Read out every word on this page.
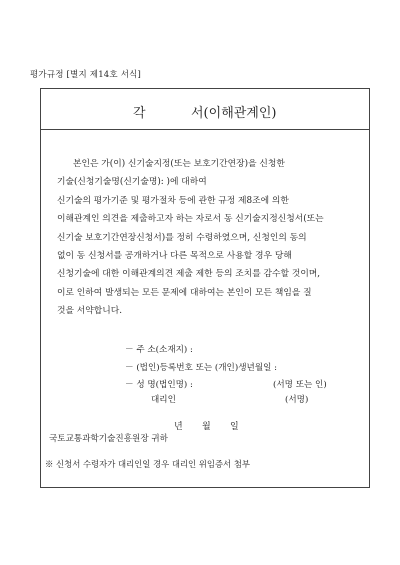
평가규정 [별지 제14호 서식]
각	서(이해관계인)
본인은 가(이) 신기술지정(또는 보호기간연장)을 신청한
기술(신청기술명(신기술명): )에 대하여
신기술의 평가기준 및 평가절차 등에 관한 규정 제8조에 의한
이해관계인 의견을 제출하고자 하는 자로서 동 신기술지정신청서(또는
신기술 보호기간연장신청서)를 정히 수령하였으며, 신청인의 동의
없이 동 신청서를 공개하거나 다른 목적으로 사용할 경우 당해
신청기술에 대한 이해관계의견 제출 제한 등의 조치를 감수할 것이며,
이로 인하여 발생되는 모든 문제에 대하여는 본인이 모든 책임을 질
것을 서약합니다.
－ 주 소(소재지) :
－ (법인)등록번호 또는 (개인)생년월일 :
－ 성 명(법인명) :	(서명 또는 인)
대리인	(서명)
년 월 일
국토교통과학기술진흥원장 귀하
※ 신청서 수령자가 대리인일 경우 대리인 위임증서 첨부
